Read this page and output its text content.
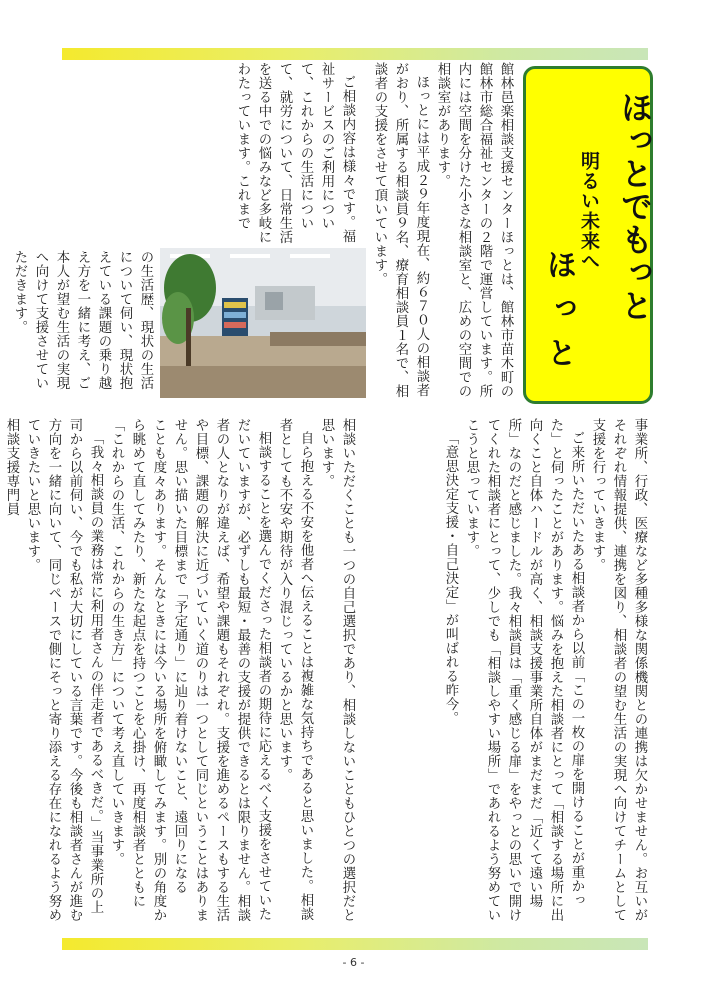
ほっとでもっと
明るい未来へ
ほっと

館林邑楽相談支援センターほっとは、館林市苗木町の館林市総合福祉センターの２階で運営しています。所内には空間を分けた小さな相談室と、広めの空間での相談室があります。

ほっとには平成２９年度現在、約６７０人の相談者がおり、所属する相談員９名、療育相談員１名で、相談者の支援をさせて頂いています。

ご相談内容は様々です。福祉サービスのご利用について、これからの生活について、就労について、日常生活を送る中での悩みなど多岐にわたっています。これまで

の生活歴、現状の生活について伺い、現状抱えている課題の乗り越え方を一緒に考え、ご本人が望む生活の実現へ向けて支援させていただきます。

事業所、行政、医療など多種多様な関係機関との連携は欠かせません。お互いがそれぞれ情報提供、連携を図り、相談者の望む生活の実現へ向けてチームとして支援を行っていきます。

ご来所いただいたある相談者から以前「この一枚の扉を開けることが重かった」と伺ったことがあります。悩みを抱えた相談者にとって「相談する場所に出向くこと自体ハードルが高く、相談支援事業所自体がまだまだ「近くて遠い場所」なのだと感じました。我々相談員は「重く感じる扉」をやっとの思いで開けてくれた相談者にとって、少しでも「相談しやすい場所」であれるよう努めていこうと思っています。

「意思決定支援・自己決定」が叫ばれる昨今。

相談いただくことも一つの自己選択であり、相談しないこともひとつの選択だと思います。

自ら抱える不安を他者へ伝えることは複雑な気持ちであると思いました。相談者としても不安や期待が入り混じっているかと思います。

相談することを選んでくださった相談者の期待に応えるべく支援をさせていただいていますが、必ずしも最短・最善の支援が提供できるとは限りません。相談者の人となりが違えば、希望や課題もそれぞれ。支援を進めるペースもする生活や目標、課題の解決に近づいていく道のりは一つとして同じということはありません。思い描いた目標まで「予定通り」に辿り着けないこと、遠回りになる

ことも度々あります。そんなときには今いる場所を俯瞰してみます。別の角度から眺めて直してみたり、新たな起点を持つことを心掛け、再度相談者とともに「これからの生活、これからの生き方」について考え直していきます。

「我々相談員の業務は常に利用者さんの伴走者であるべきだ。」当事業所の上司から以前伺い、今でも私が大切にしている言葉です。今後も相談者さんが進む方向を一緒に向いて、同じペースで側にそっと寄り添える存在になれるよう努めていきたいと思います。

相談支援専門員

- 6 -
